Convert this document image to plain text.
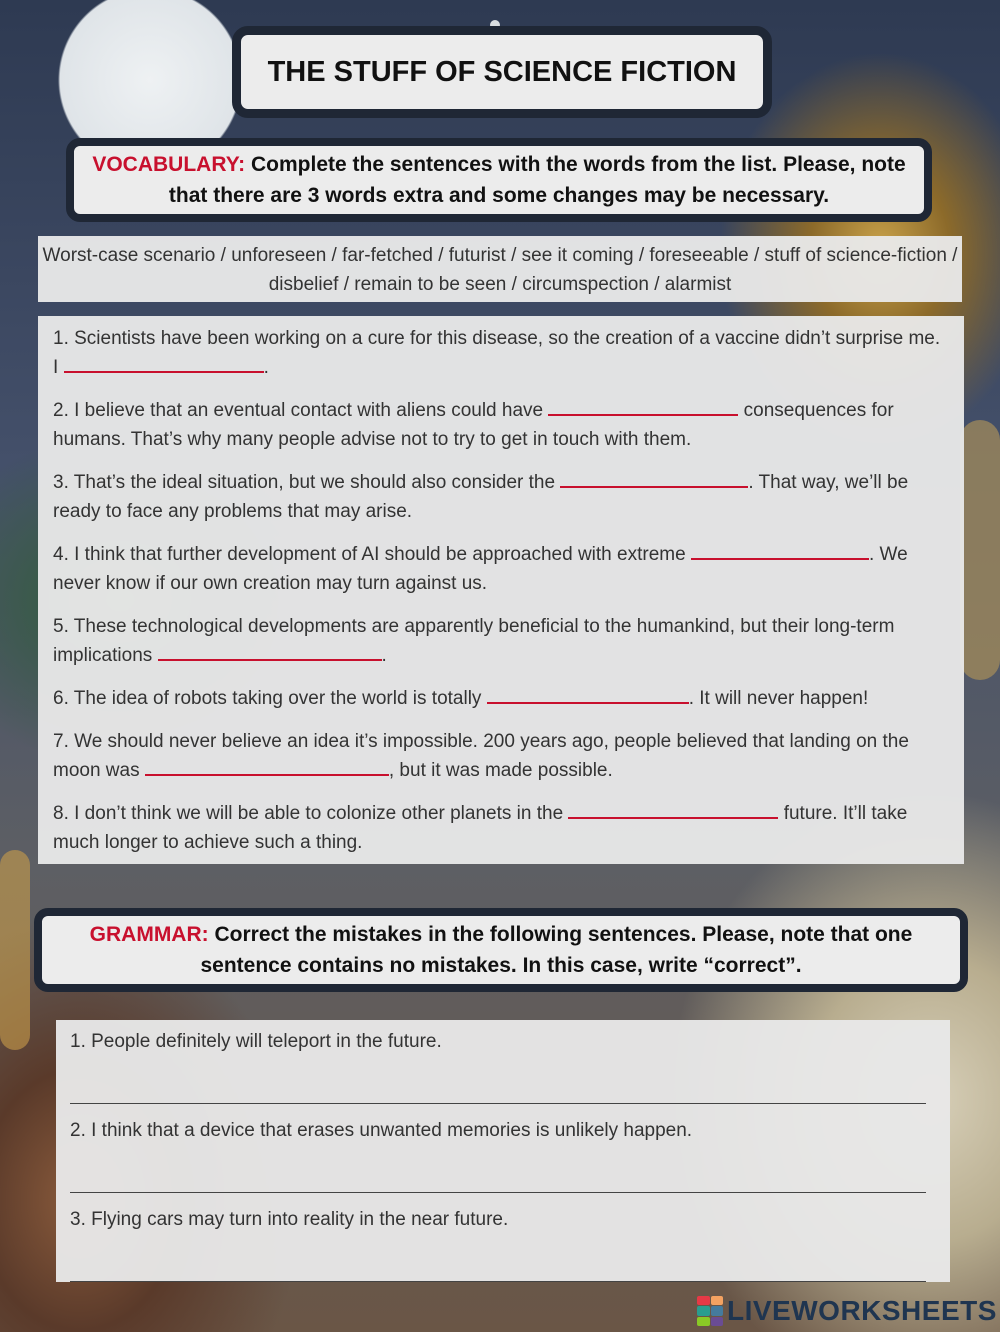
THE STUFF OF SCIENCE FICTION
VOCABULARY: Complete the sentences with the words from the list. Please, note that there are 3 words extra and some changes may be necessary.
Worst-case scenario / unforeseen / far-fetched / futurist / see it coming / foreseeable / stuff of science-fiction / disbelief / remain to be seen / circumspection / alarmist

1. Scientists have been working on a cure for this disease, so the creation of a vaccine didn’t surprise me. I	.

2. I believe that an eventual contact with aliens could have	consequences for humans. That’s why many people advise not to try to get in touch with them.

3. That’s the ideal situation, but we should also consider the	. That way, we’ll be ready to face any problems that may arise.

4. I think that further development of AI should be approached with extreme	. We never know if our own creation may turn against us.

5. These technological developments are apparently beneficial to the humankind, but their long-term implications	.

6. The idea of robots taking over the world is totally	. It will never happen!

7. We should never believe an idea it’s impossible. 200 years ago, people believed that landing on the moon was	, but it was made possible.

8. I don’t think we will be able to colonize other planets in the	future. It’ll take much longer to achieve such a thing.

GRAMMAR: Correct the mistakes in the following sentences. Please, note that one sentence contains no mistakes. In this case, write “correct”.

1. People definitely will teleport in the future.

2. I think that a device that erases unwanted memories is unlikely happen.

3. Flying cars may turn into reality in the near future.

LIVEWORKSHEETS
